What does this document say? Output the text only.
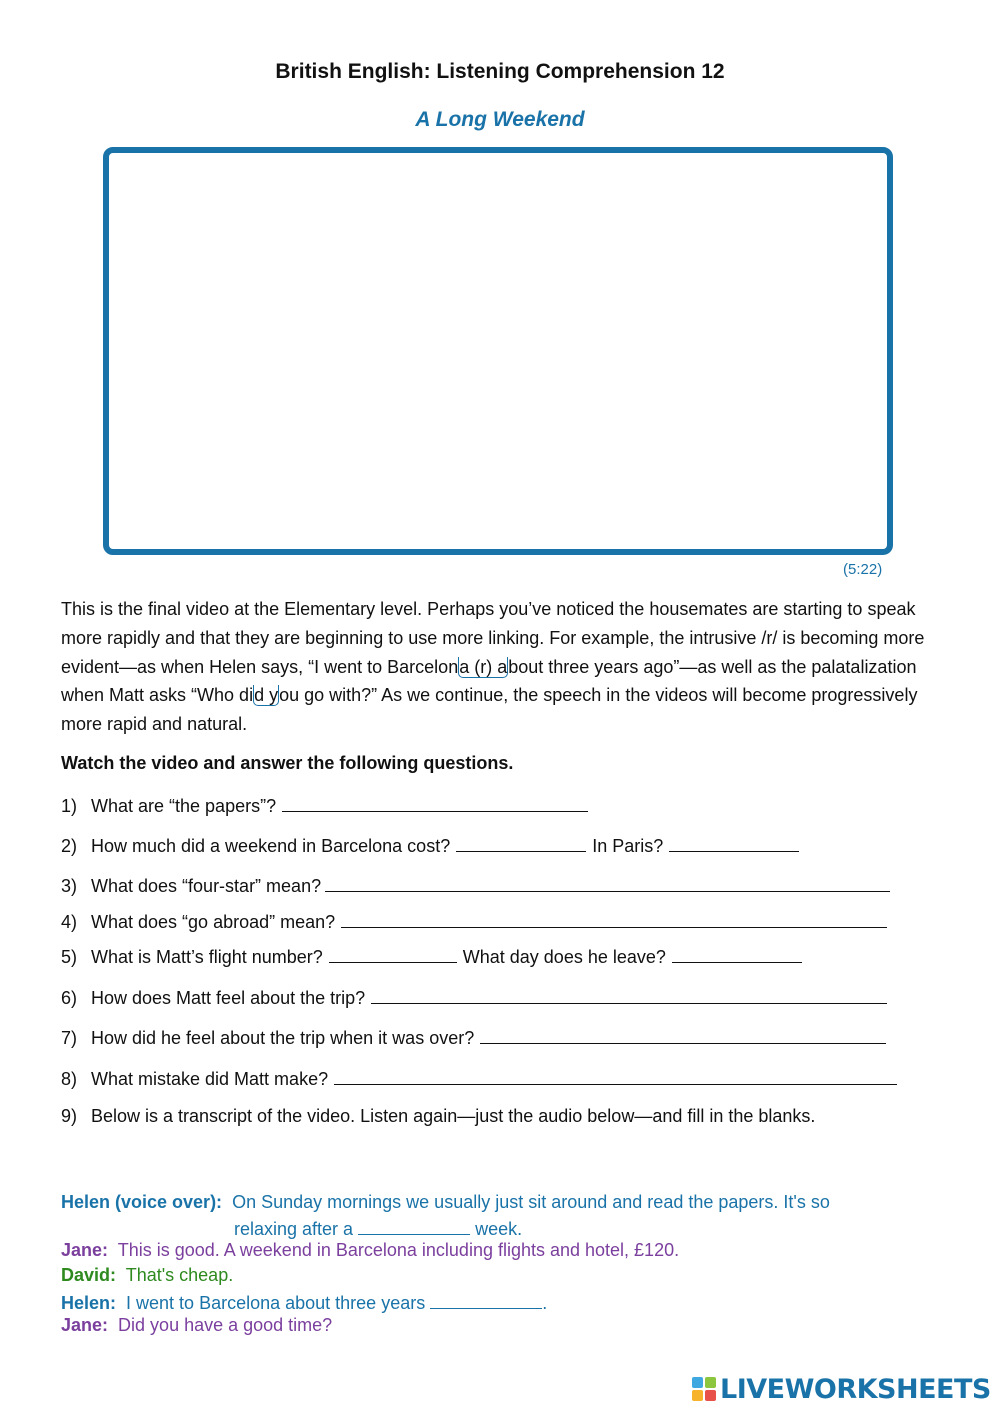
British English: Listening Comprehension 12
A Long Weekend
(5:22)
This is the final video at the Elementary level. Perhaps you’ve noticed the housemates are starting to speak more rapidly and that they are beginning to use more linking. For example, the intrusive /r/ is becoming more evident—as when Helen says, “I went to Barcelona (r) about three years ago”—as well as the palatalization when Matt asks “Who did you go with?” As we continue, the speech in the videos will become progressively more rapid and natural.
Watch the video and answer the following questions.
1) What are “the papers”?
2) How much did a weekend in Barcelona cost?	In Paris?
3) What does “four-star” mean?
4) What does “go abroad” mean?
5) What is Matt’s flight number?	What day does he leave?
6) How does Matt feel about the trip?
7) How did he feel about the trip when it was over?
8) What mistake did Matt make?
9) Below is a transcript of the video. Listen again—just the audio below—and fill in the blanks.
Helen (voice over): On Sunday mornings we usually just sit around and read the papers. It's so
relaxing after a	week.
Jane: This is good. A weekend in Barcelona including flights and hotel, £120.
David: That's cheap.
Helen: I went to Barcelona about three years	.
Jane: Did you have a good time?
LIVEWORKSHEETS
